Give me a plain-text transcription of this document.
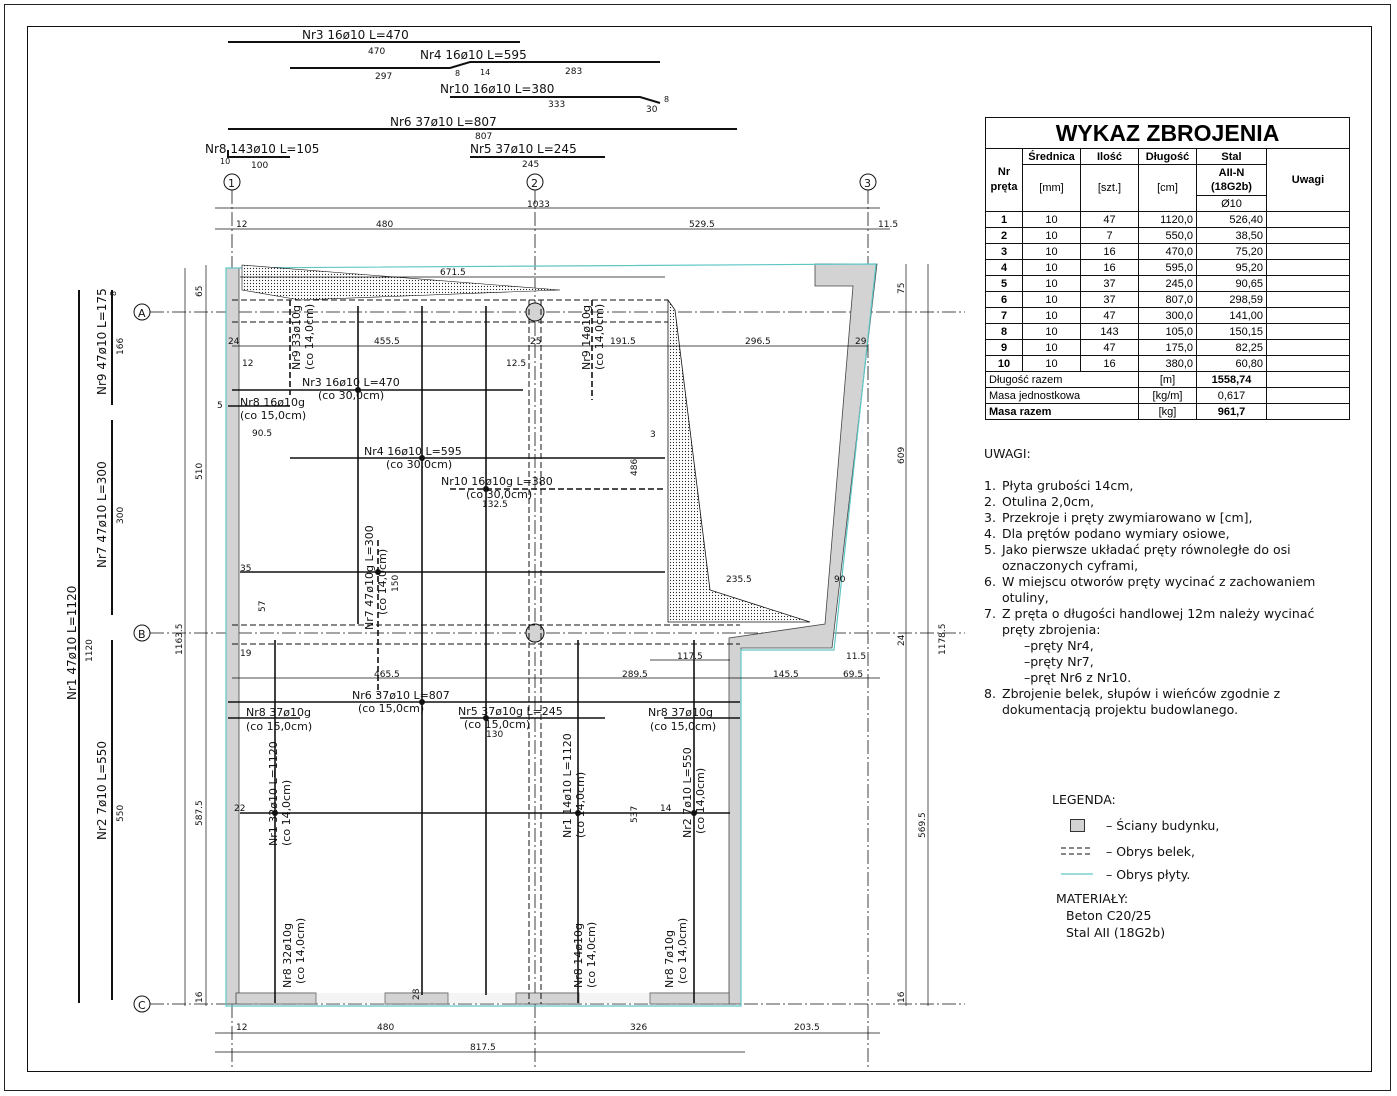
Nr3 16ø10 L=470
470	Nr4 16ø10 L=595
297	283
8 14
Nr10 16ø10 L=380
333	30
8
Nr6 37ø10 L=807
807
Nr8 143ø10 L=105
100
10
Nr5 37ø10 L=245
245
Nr9 47ø10 L=175 166
8
Nr7 47ø10 L=300 300
Nr1 47ø10 L=1120 1120
Nr2 7ø10 L=550 550
1	2	3
A
B
C
1033
12	480	529.5	11.5
12	480	326	203.5
817.5
65
510
587.5
16
1163.5
75
609
24
569.5
16
1178.5
671.5
455.5	191.5	296.5	29
24
12	12.5
25
90.5
35
235.5	90
117.5	11.5
465.5	289.5	145.5	69.5
486
537
132.5
130
150
57
19
22	14
28
3
5
Nr9 33ø10g (co 14,0cm)	Nr9 14ø10g (co 14,0cm)
Nr3 16ø10 L=470
(co 30,0cm)
Nr8 16ø10g
(co 15,0cm)
Nr4 16ø10 L=595
(co 30,0cm)
Nr10 16ø10g L=380
(co 30,0cm)
Nr7 47ø10g L=300 (co 14,0cm)
Nr6 37ø10 L=807
(co 15,0cm)	Nr5 37ø10g L=245
(co 15,0cm)
Nr8 37ø10g
(co 15,0cm)
Nr8 37ø10g
(co 15,0cm)
Nr1 32ø10 L=1120 (co 14,0cm)	Nr1 14ø10 L=1120 (co 14,0cm)	Nr2 7ø10 L=550 (co 14,0cm)
Nr8 32ø10g (co 14,0cm)	Nr8 14ø10g (co 14,0cm)	Nr8 7ø10g (co 14,0cm)
WYKAZ ZBROJENIA					
Nr
pręta	Średnica	Ilość	Długość	Stal	Uwagi
	[mm]	[szt.]	[cm]	AII-N
(18G2b)	
				Ø10	
1	10	47	1120,0	526,40	
2	10	7	550,0	38,50	
3	10	16	470,0	75,20	
4	10	16	595,0	95,20	
5	10	37	245,0	90,65	
6	10	37	807,0	298,59	
7	10	47	300,0	141,00	
8	10	143	105,0	150,15	
9	10	47	175,0	82,25	
10	10	16	380,0	60,80	
Długość razem			[m]	1558,74	
Masa jednostkowa			[kg/m]	0,617	
Masa razem			[kg]	961,7	
UWAGI:
1. Płyta grubości 14cm,
2. Otulina 2,0cm,
3. Przekroje i pręty zwymiarowano w [cm],
4. Dla prętów podano wymiary osiowe,
5. Jako pierwsze układać pręty równoległe do osi oznaczonych cyframi,
6. W miejscu otworów pręty wycinać z zachowaniem otuliny,
7. Z pręta o długości handlowej 12m należy wycinać pręty zbrojenia:
–pręty Nr4,
–pręty Nr7,
–pręt Nr6 z Nr10.
8. Zbrojenie belek, słupów i wieńców zgodnie z dokumentacją projektu budowlanego.
LEGENDA:
– Ściany budynku,
– Obrys belek,
– Obrys płyty.
MATERIAŁY:
Beton C20/25
Stal AII (18G2b)
